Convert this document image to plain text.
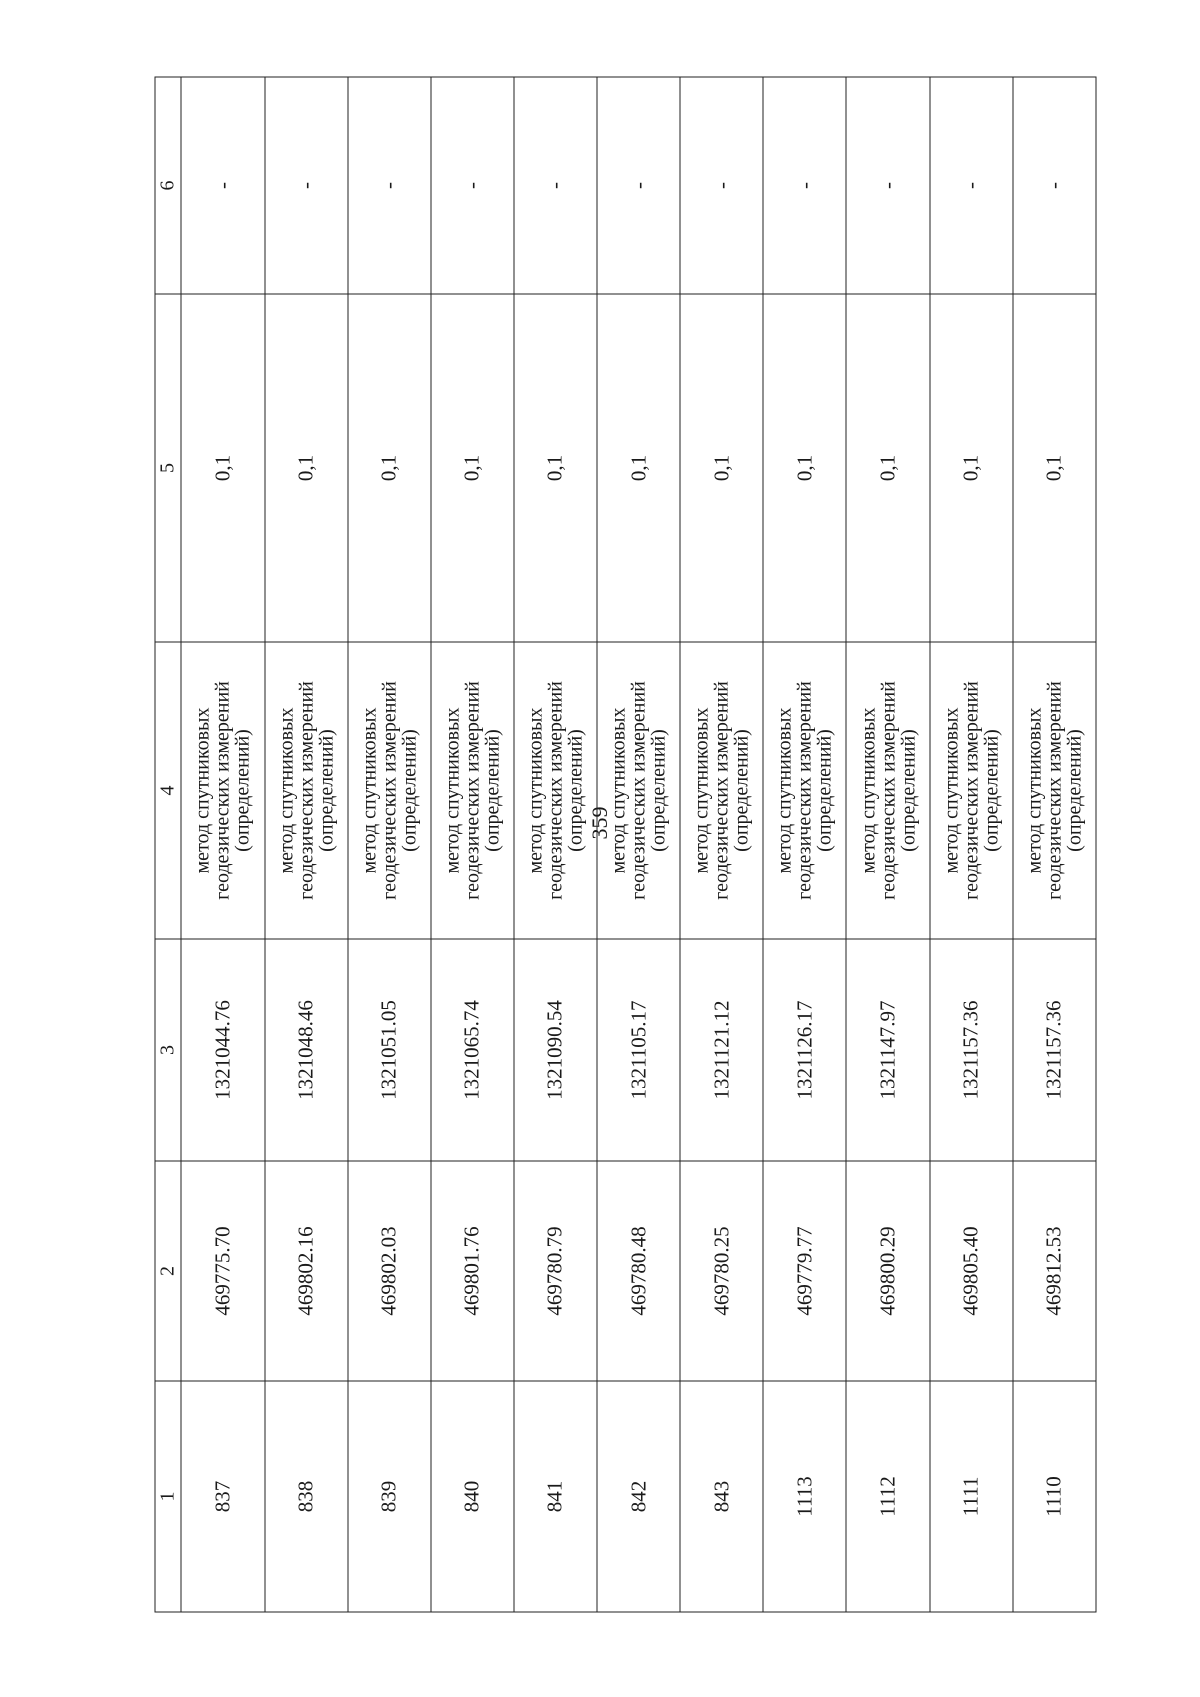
359
1	2	3	4	5	6
837	469775.70	1321044.76	метод спутниковых
геодезических измерений
(определений)	0,1	-
838	469802.16	1321048.46	метод спутниковых
геодезических измерений
(определений)	0,1	-
839	469802.03	1321051.05	метод спутниковых
геодезических измерений
(определений)	0,1	-
840	469801.76	1321065.74	метод спутниковых
геодезических измерений
(определений)	0,1	-
841	469780.79	1321090.54	метод спутниковых
геодезических измерений
(определений)	0,1	-
842	469780.48	1321105.17	метод спутниковых
геодезических измерений
(определений)	0,1	-
843	469780.25	1321121.12	метод спутниковых
геодезических измерений
(определений)	0,1	-
1113	469779.77	1321126.17	метод спутниковых
геодезических измерений
(определений)	0,1	-
1112	469800.29	1321147.97	метод спутниковых
геодезических измерений
(определений)	0,1	-
1111	469805.40	1321157.36	метод спутниковых
геодезических измерений
(определений)	0,1	-
1110	469812.53	1321157.36	метод спутниковых
геодезических измерений
(определений)	0,1	-
